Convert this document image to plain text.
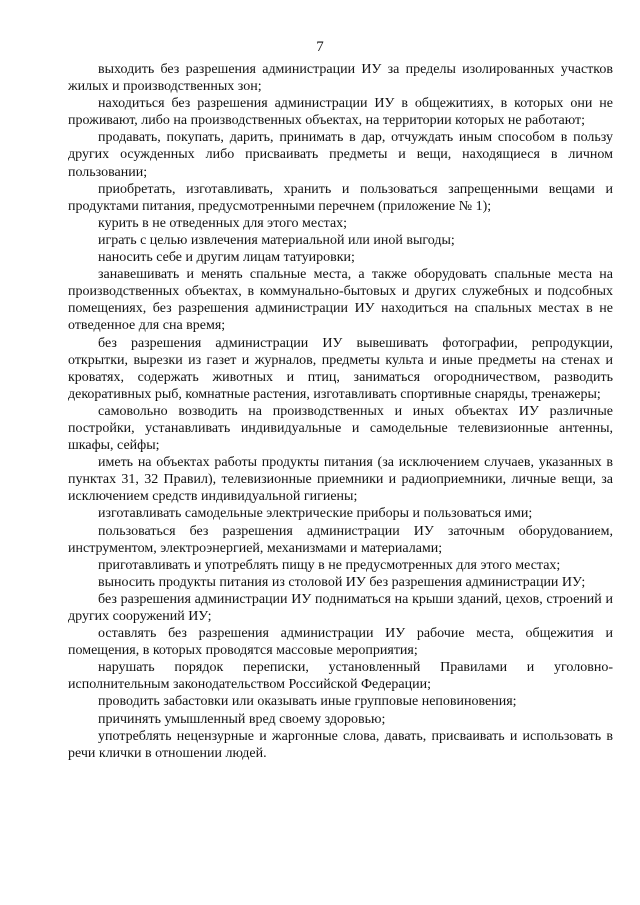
7

выходить без разрешения администрации ИУ за пределы изолированных участков жилых и производственных зон;

находиться без разрешения администрации ИУ в общежитиях, в которых они не проживают, либо на производственных объектах, на территории которых не работают;

продавать, покупать, дарить, принимать в дар, отчуждать иным способом в пользу других осужденных либо присваивать предметы и вещи, находящиеся в личном пользовании;

приобретать, изготавливать, хранить и пользоваться запрещенными вещами и продуктами питания, предусмотренными перечнем (приложение № 1);

курить в не отведенных для этого местах;

играть с целью извлечения материальной или иной выгоды;

наносить себе и другим лицам татуировки;

занавешивать и менять спальные места, а также оборудовать спальные места на производственных объектах, в коммунально-бытовых и других служебных и подсобных помещениях, без разрешения администрации ИУ находиться на спальных местах в не отведенное для сна время;

без разрешения администрации ИУ вывешивать фотографии, репродукции, открытки, вырезки из газет и журналов, предметы культа и иные предметы на стенах и кроватях, содержать животных и птиц, заниматься огородничеством, разводить декоративных рыб, комнатные растения, изготавливать спортивные снаряды, тренажеры;

самовольно возводить на производственных и иных объектах ИУ различные постройки, устанавливать индивидуальные и самодельные телевизионные антенны, шкафы, сейфы;

иметь на объектах работы продукты питания (за исключением случаев, указанных в пунктах 31, 32 Правил), телевизионные приемники и радиоприемники, личные вещи, за исключением средств индивидуальной гигиены;

изготавливать самодельные электрические приборы и пользоваться ими;

пользоваться без разрешения администрации ИУ заточным оборудованием, инструментом, электроэнергией, механизмами и материалами;

приготавливать и употреблять пищу в не предусмотренных для этого местах;

выносить продукты питания из столовой ИУ без разрешения администрации ИУ;

без разрешения администрации ИУ подниматься на крыши зданий, цехов, строений и других сооружений ИУ;

оставлять без разрешения администрации ИУ рабочие места, общежития и помещения, в которых проводятся массовые мероприятия;

нарушать порядок переписки, установленный Правилами и уголовно-исполнительным законодательством Российской Федерации;

проводить забастовки или оказывать иные групповые неповиновения;

причинять умышленный вред своему здоровью;

употреблять нецензурные и жаргонные слова, давать, присваивать и использовать в речи клички в отношении людей.
